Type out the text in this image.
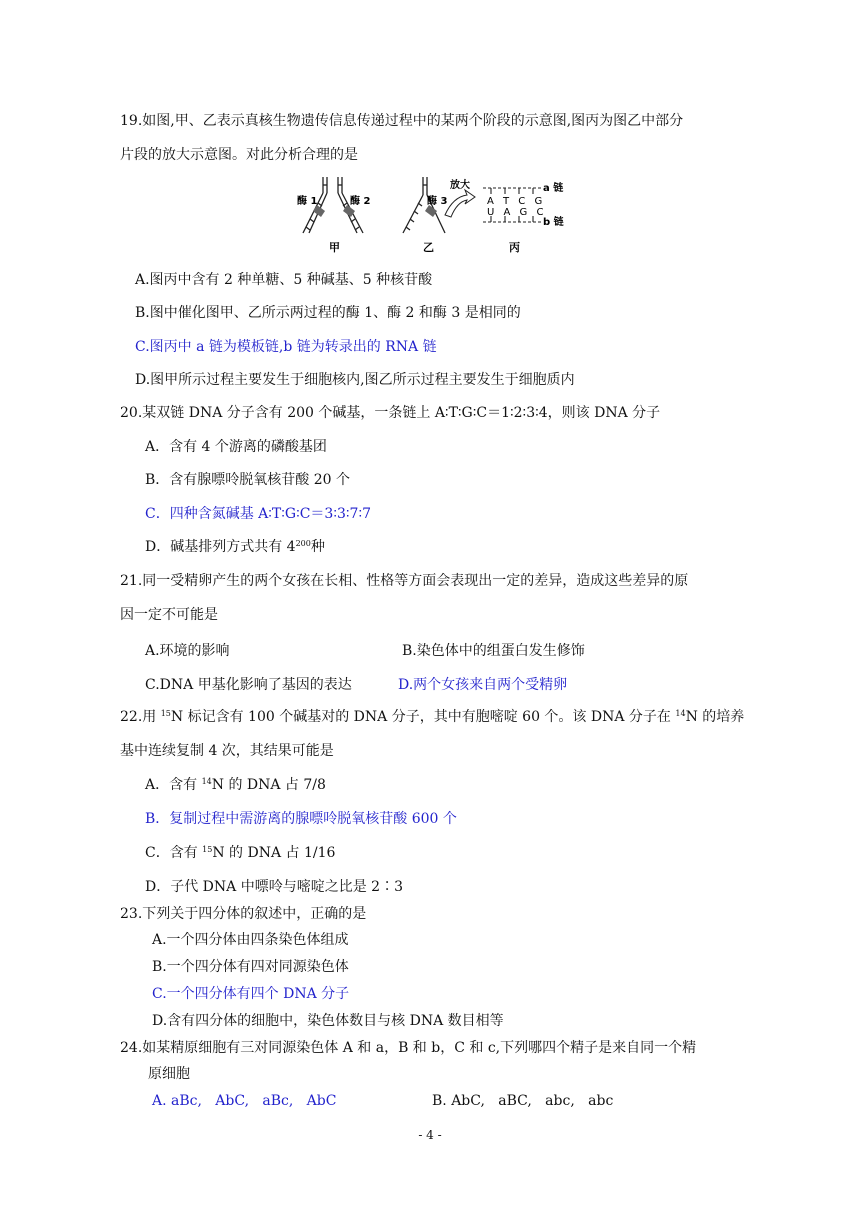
19.如图,甲、乙表示真核生物遗传信息传递过程中的某两个阶段的示意图,图丙为图乙中部分
片段的放大示意图。对此分析合理的是
酶 1	酶 2
甲
酶 3
乙
放大
A T C G
U A G C
a 链
b 链
丙
A.图丙中含有 2 种单糖、5 种碱基、5 种核苷酸
B.图中催化图甲、乙所示两过程的酶 1、酶 2 和酶 3 是相同的
C.图丙中 a 链为模板链,b 链为转录出的 RNA 链
D.图甲所示过程主要发生于细胞核内,图乙所示过程主要发生于细胞质内
20.某双链 DNA 分子含有 200 个碱基，一条链上 A∶T∶G∶C＝1∶2∶3∶4，则该 DNA 分子
A．含有 4 个游离的磷酸基团
B．含有腺嘌呤脱氧核苷酸 20 个
C．四种含氮碱基 A∶T∶G∶C＝3∶3∶7∶7
D．碱基排列方式共有 $4^{200}$种
21.同一受精卵产生的两个女孩在长相、性格等方面会表现出一定的差异，造成这些差异的原
因一定不可能是
A.环境的影响	B.染色体中的组蛋白发生修饰
C.DNA 甲基化影响了基因的表达	D.两个女孩来自两个受精卵
22.用 $^{15}$N 标记含有 100 个碱基对的 DNA 分子，其中有胞嘧啶 60 个。该 DNA 分子在 $^{14}$N 的培养
基中连续复制 4 次，其结果可能是
A．含有 $^{14}$N 的 DNA 占 7/8
B．复制过程中需游离的腺嘌呤脱氧核苷酸 600 个
C．含有 $^{15}$N 的 DNA 占 1/16
D．子代 DNA 中嘌呤与嘧啶之比是 2∶3
23.下列关于四分体的叙述中，正确的是
A.一个四分体由四条染色体组成
B.一个四分体有四对同源染色体
C.一个四分体有四个 DNA 分子
D.含有四分体的细胞中，染色体数目与核 DNA 数目相等
24.如某精原细胞有三对同源染色体 A 和 a，B 和 b，C 和 c,下列哪四个精子是来自同一个精
原细胞
A. aBc,   AbC,   aBc,   AbC	B. AbC,   aBC,   abc,   abc
- 4 -
